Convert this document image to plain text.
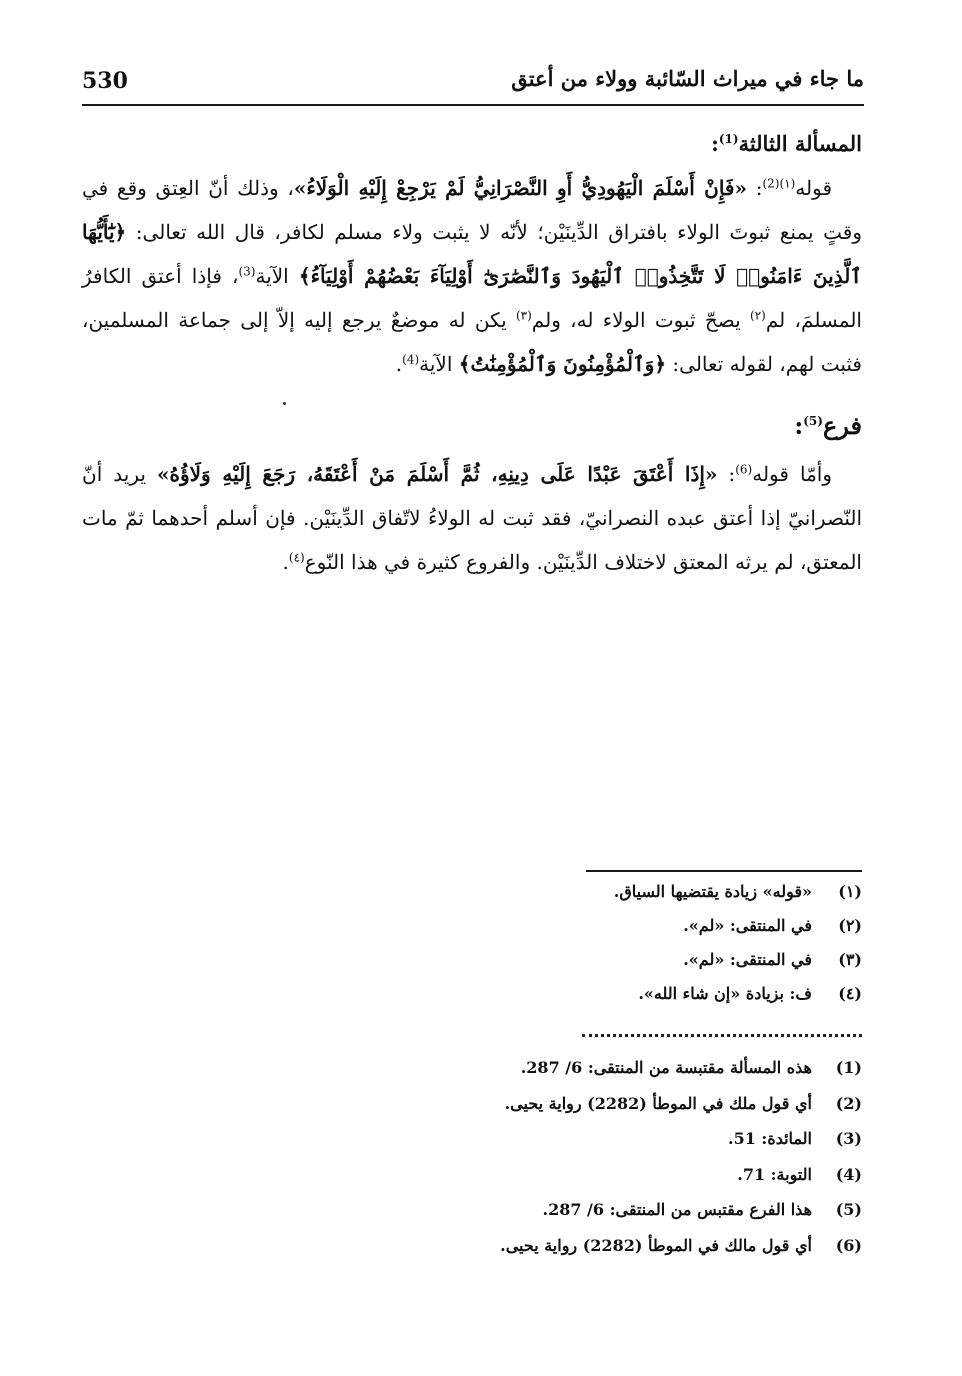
530	ما جاء في ميراث السّائبة وولاء من أعتق

المسألة الثالثة$^{(1)}$:

قوله$^{(١)(2)}$: «فَإِنْ أَسْلَمَ الْيَهُودِيُّ أَوِ النَّصْرَانِيُّ لَمْ يَرْجِعْ إِلَيْهِ الْوَلَاءُ»، وذلك أنّ العِتق وقع في وقتٍ يمنع ثبوتَ الولاء بافتراق الدِّينَيْن؛ لأنّه لا يثبت ولاء مسلم لكافر، قال الله تعالى: ﴿يَٰٓأَيُّهَا ٱلَّذِينَ ءَامَنُوا۟ لَا تَتَّخِذُوا۟ ٱلْيَهُودَ وَٱلنَّصَٰرَىٰٓ أَوْلِيَآءَ بَعْضُهُمْ أَوْلِيَآءُ﴾ الآية$^{(3)}$، فإذا أعتق الكافرُ المسلمَ، لم$^{(٢)}$ يصحّ ثبوت الولاء له، ولم$^{(٣)}$ يكن له موضعٌ يرجع إليه إلاّ إلى جماعة المسلمين، فثبت لهم، لقوله تعالى: ﴿وَٱلْمُؤْمِنُونَ وَٱلْمُؤْمِنَٰتُ﴾ الآية$^{(4)}$.

فرع$^{(5)}$:

وأمّا قوله$^{(6)}$: «إِذَا أَعْتَقَ عَبْدًا عَلَى دِينِهِ، ثُمَّ أَسْلَمَ مَنْ أَعْتَقَهُ، رَجَعَ إِلَيْهِ وَلَاؤُهُ» يريد أنّ النّصرانيّ إذا أعتق عبده النصرانيّ، فقد ثبت له الولاءُ لاتّفاق الدِّينَيْن. فإن أسلم أحدهما ثمّ مات المعتق، لم يرثه المعتق لاختلاف الدِّينَيْن. والفروع كثيرة في هذا النّوع$^{(٤)}$.

(١)
«قوله» زيادة يقتضيها السياق.
(٢)
في المنتقى: «لم».
(٣)
في المنتقى: «لم».
(٤)
ف: بزيادة «إن شاء الله».
(1)
هذه المسألة مقتبسة من المنتقى: 6/ 287.
(2)
أي قول ملك في الموطأ (2282) رواية يحيى.
(3)
المائدة: 51.
(4)
التوبة: 71.
(5)
هذا الفرع مقتبس من المنتقى: 6/ 287.
(6)
أي قول مالك في الموطأ (2282) رواية يحيى.
